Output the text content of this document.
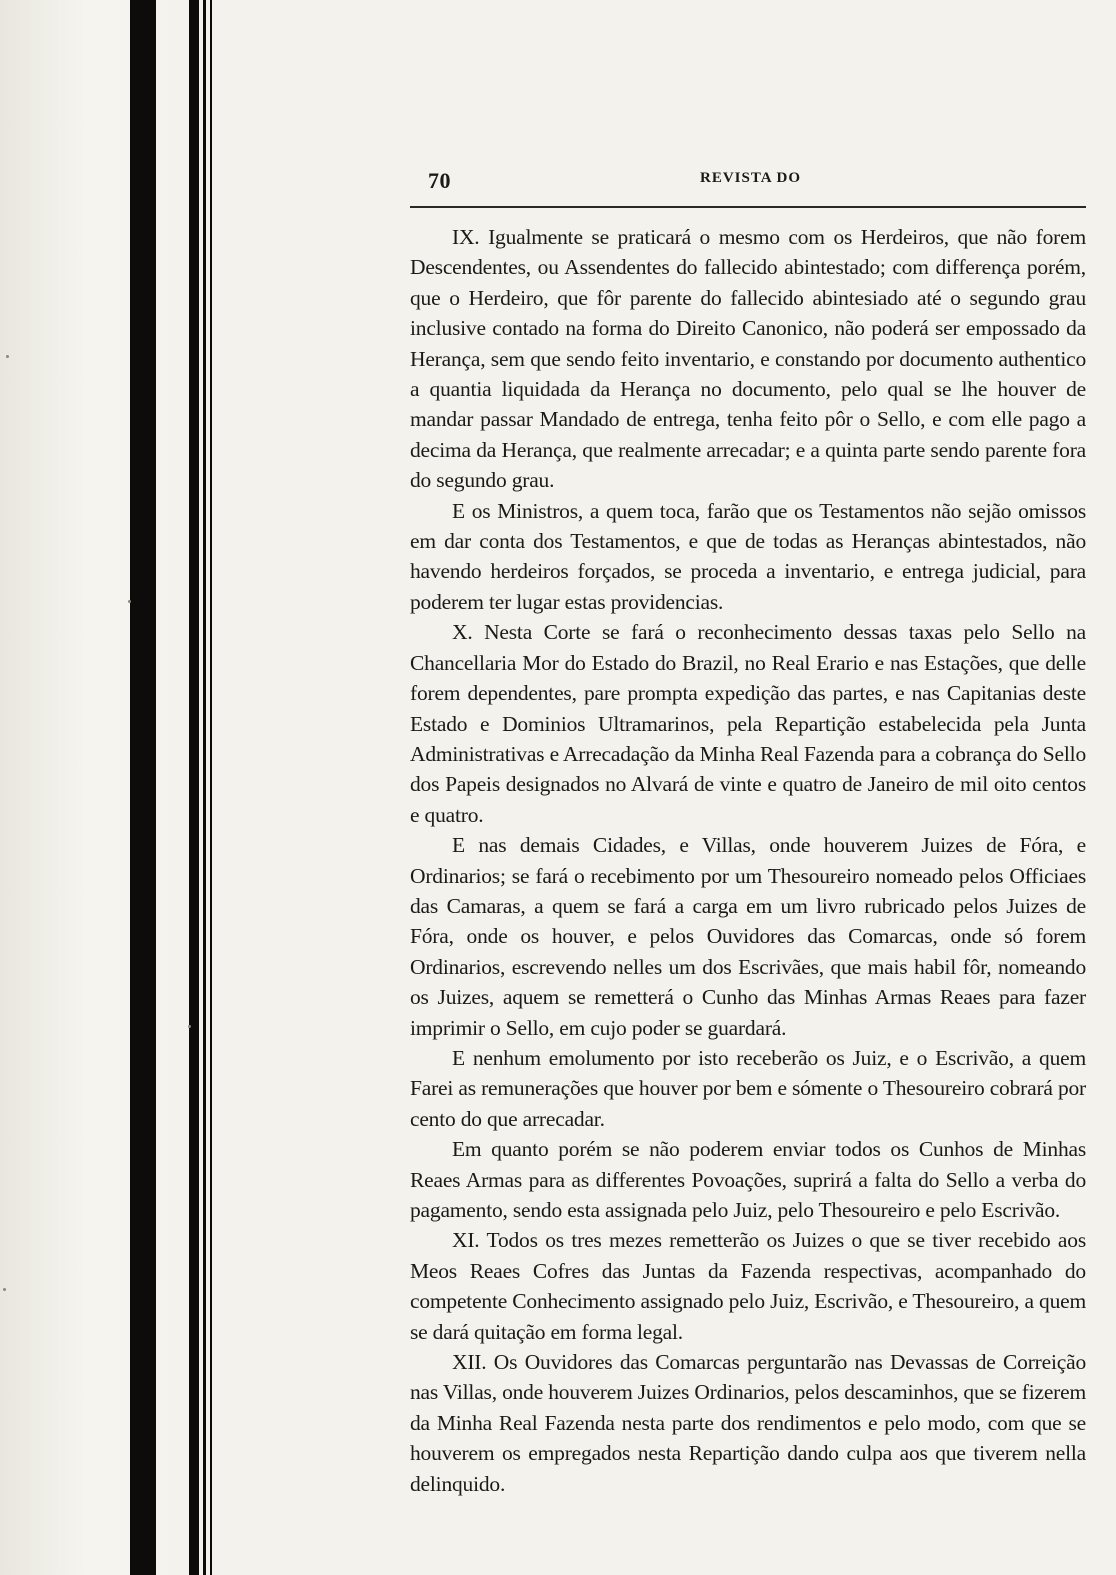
70	REVISTA DO

IX. Igualmente se praticará o mesmo com os Herdeiros, que não forem Descendentes, ou Assendentes do fallecido abintestado; com differença porém, que o Herdeiro, que fôr parente do fallecido abintesiado até o segundo grau inclusive contado na forma do Direito Canonico, não poderá ser empossado da Herança, sem que sendo feito inventario, e constando por documento authentico a quantia liquidada da Herança no documento, pelo qual se lhe houver de mandar passar Mandado de entrega, tenha feito pôr o Sello, e com elle pago a decima da Herança, que realmente arrecadar; e a quinta parte sendo parente fora do segundo grau.

E os Ministros, a quem toca, farão que os Testamentos não sejão omissos em dar conta dos Testamentos, e que de todas as Heranças abintestados, não havendo herdeiros forçados, se proceda a inventario, e entrega judicial, para poderem ter lugar estas providencias.

X. Nesta Corte se fará o reconhecimento dessas taxas pelo Sello na Chancellaria Mor do Estado do Brazil, no Real Erario e nas Estações, que delle forem dependentes, pare prompta expedição das partes, e nas Capitanias deste Estado e Dominios Ultramarinos, pela Repartição estabelecida pela Junta Administrativas e Arrecadação da Minha Real Fazenda para a cobrança do Sello dos Papeis designados no Alvará de vinte e quatro de Janeiro de mil oito centos e quatro.

E nas demais Cidades, e Villas, onde houverem Juizes de Fóra, e Ordinarios; se fará o recebimento por um Thesoureiro nomeado pelos Officiaes das Camaras, a quem se fará a carga em um livro rubricado pelos Juizes de Fóra, onde os houver, e pelos Ouvidores das Comarcas, onde só forem Ordinarios, escrevendo nelles um dos Escrivães, que mais habil fôr, nomeando os Juizes, aquem se remetterá o Cunho das Minhas Armas Reaes para fazer imprimir o Sello, em cujo poder se guardará.

E nenhum emolumento por isto receberão os Juiz, e o Escrivão, a quem Farei as remunerações que houver por bem e sómente o Thesoureiro cobrará por cento do que arrecadar.

Em quanto porém se não poderem enviar todos os Cunhos de Minhas Reaes Armas para as differentes Povoações, suprirá a falta do Sello a verba do pagamento, sendo esta assignada pelo Juiz, pelo Thesoureiro e pelo Escrivão.

XI. Todos os tres mezes remetterão os Juizes o que se tiver recebido aos Meos Reaes Cofres das Juntas da Fazenda respectivas, acompanhado do competente Conhecimento assignado pelo Juiz, Escrivão, e Thesoureiro, a quem se dará quitação em forma legal.

XII. Os Ouvidores das Comarcas perguntarão nas Devassas de Correição nas Villas, onde houverem Juizes Ordinarios, pelos descaminhos, que se fizerem da Minha Real Fazenda nesta parte dos rendimentos e pelo modo, com que se houverem os empregados nesta Repartição dando culpa aos que tiverem nella delinquido.
